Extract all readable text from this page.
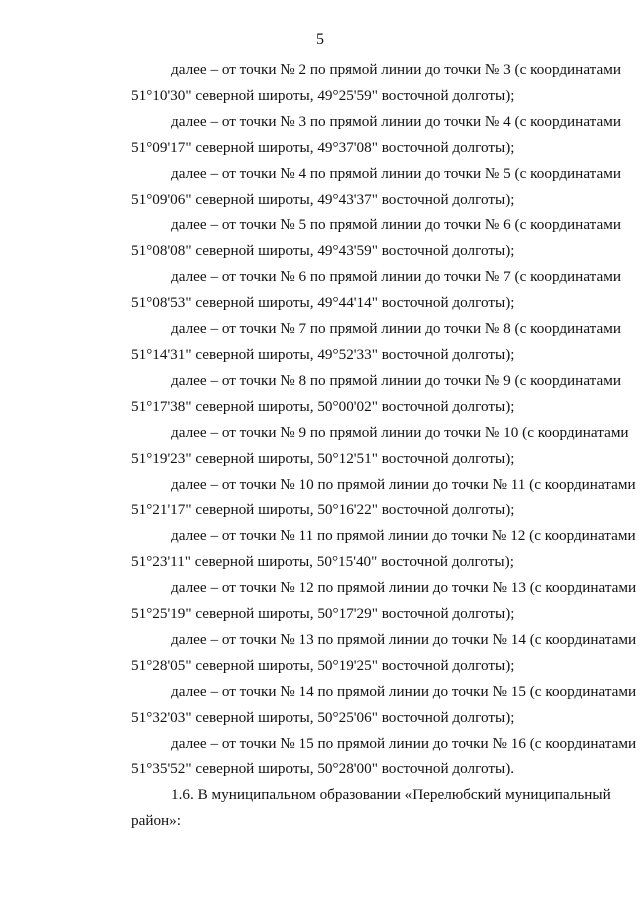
5

далее – от точки № 2 по прямой линии до точки № 3 (с координатами
51°10'30" северной широты, 49°25'59" восточной долготы);

далее – от точки № 3 по прямой линии до точки № 4 (с координатами
51°09'17" северной широты, 49°37'08" восточной долготы);

далее – от точки № 4 по прямой линии до точки № 5 (с координатами
51°09'06" северной широты, 49°43'37" восточной долготы);

далее – от точки № 5 по прямой линии до точки № 6 (с координатами
51°08'08" северной широты, 49°43'59" восточной долготы);

далее – от точки № 6 по прямой линии до точки № 7 (с координатами
51°08'53" северной широты, 49°44'14" восточной долготы);

далее – от точки № 7 по прямой линии до точки № 8 (с координатами
51°14'31" северной широты, 49°52'33" восточной долготы);

далее – от точки № 8 по прямой линии до точки № 9 (с координатами
51°17'38" северной широты, 50°00'02" восточной долготы);

далее – от точки № 9 по прямой линии до точки № 10 (с координатами
51°19'23" северной широты, 50°12'51" восточной долготы);

далее – от точки № 10 по прямой линии до точки № 11 (с координатами
51°21'17" северной широты, 50°16'22" восточной долготы);

далее – от точки № 11 по прямой линии до точки № 12 (с координатами
51°23'11" северной широты, 50°15'40" восточной долготы);

далее – от точки № 12 по прямой линии до точки № 13 (с координатами
51°25'19" северной широты, 50°17'29" восточной долготы);

далее – от точки № 13 по прямой линии до точки № 14 (с координатами
51°28'05" северной широты, 50°19'25" восточной долготы);

далее – от точки № 14 по прямой линии до точки № 15 (с координатами
51°32'03" северной широты, 50°25'06" восточной долготы);

далее – от точки № 15 по прямой линии до точки № 16 (с координатами
51°35'52" северной широты, 50°28'00" восточной долготы).

1.6. В муниципальном образовании «Перелюбский муниципальный
район»:
